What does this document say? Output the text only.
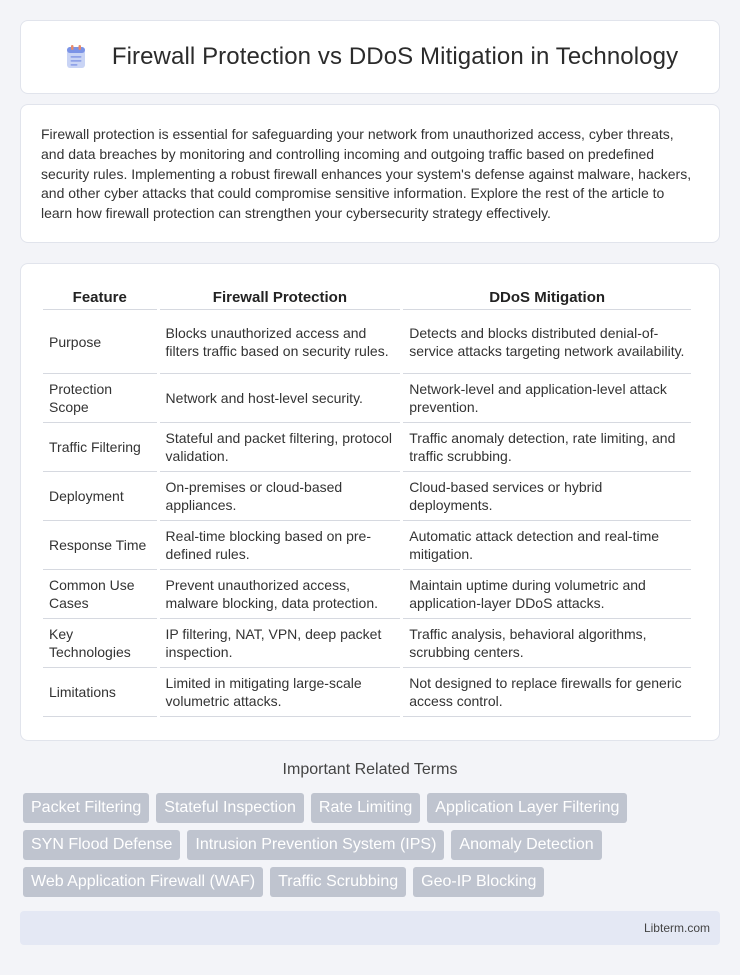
Firewall Protection vs DDoS Mitigation in Technology

Firewall protection is essential for safeguarding your network from unauthorized access, cyber threats, and data breaches by monitoring and controlling incoming and outgoing traffic based on predefined security rules. Implementing a robust firewall enhances your system's defense against malware, hackers, and other cyber attacks that could compromise sensitive information. Explore the rest of the article to learn how firewall protection can strengthen your cybersecurity strategy effectively.

Feature	Firewall Protection	DDoS Mitigation
Purpose	Blocks unauthorized access and filters traffic based on security rules.	Detects and blocks distributed denial-of-service attacks targeting network availability.
Protection Scope	Network and host-level security.	Network-level and application-level attack prevention.
Traffic Filtering	Stateful and packet filtering, protocol validation.	Traffic anomaly detection, rate limiting, and traffic scrubbing.
Deployment	On-premises or cloud-based appliances.	Cloud-based services or hybrid deployments.
Response Time	Real-time blocking based on pre-defined rules.	Automatic attack detection and real-time mitigation.
Common Use Cases	Prevent unauthorized access, malware blocking, data protection.	Maintain uptime during volumetric and application-layer DDoS attacks.
Key Technologies	IP filtering, NAT, VPN, deep packet inspection.	Traffic analysis, behavioral algorithms, scrubbing centers.
Limitations	Limited in mitigating large-scale volumetric attacks.	Not designed to replace firewalls for generic access control.
Important Related Terms
Packet Filtering	Stateful Inspection	Rate Limiting	Application Layer Filtering
SYN Flood Defense	Intrusion Prevention System (IPS)	Anomaly Detection
Web Application Firewall (WAF)	Traffic Scrubbing	Geo-IP Blocking
Libterm.com
